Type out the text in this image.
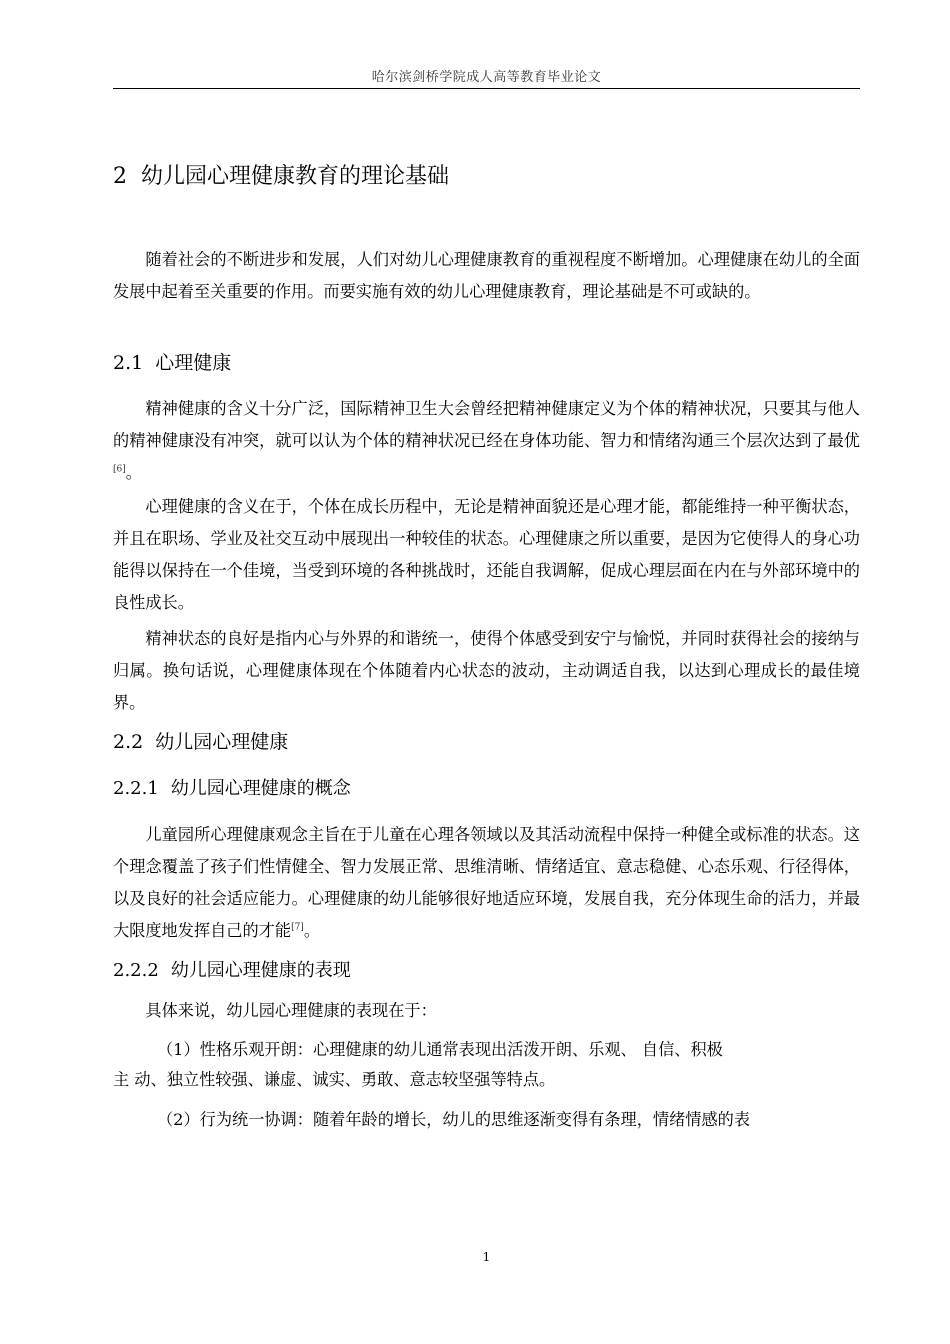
哈尔滨剑桥学院成人高等教育毕业论文
2 幼儿园心理健康教育的理论基础

随着社会的不断进步和发展，人们对幼儿心理健康教育的重视程度不断增加。心理健康在幼儿的全面发展中起着至关重要的作用。而要实施有效的幼儿心理健康教育，理论基础是不可或缺的。

2.1 心理健康

精神健康的含义十分广泛，国际精神卫生大会曾经把精神健康定义为个体的精神状况，只要其与他人的精神健康没有冲突，就可以认为个体的精神状况已经在身体功能、智力和情绪沟通三个层次达到了最优[6]。

心理健康的含义在于，个体在成长历程中，无论是精神面貌还是心理才能，都能维持一种平衡状态，并且在职场、学业及社交互动中展现出一种较佳的状态。心理健康之所以重要，是因为它使得人的身心功能得以保持在一个佳境，当受到环境的各种挑战时，还能自我调解，促成心理层面在内在与外部环境中的良性成长。

精神状态的良好是指内心与外界的和谐统一，使得个体感受到安宁与愉悦，并同时获得社会的接纳与归属。换句话说，心理健康体现在个体随着内心状态的波动，主动调适自我，以达到心理成长的最佳境界。

2.2 幼儿园心理健康
2.2.1 幼儿园心理健康的概念

儿童园所心理健康观念主旨在于儿童在心理各领域以及其活动流程中保持一种健全或标准的状态。这个理念覆盖了孩子们性情健全、智力发展正常、思维清晰、情绪适宜、意志稳健、心态乐观、行径得体，以及良好的社会适应能力。心理健康的幼儿能够很好地适应环境，发展自我，充分体现生命的活力，并最大限度地发挥自己的才能[7]。

2.2.2 幼儿园心理健康的表现

具体来说，幼儿园心理健康的表现在于：

（1）性格乐观开朗：心理健康的幼儿通常表现出活泼开朗、乐观、 自信、积极
主 动、独立性较强、谦虚、诚实、勇敢、意志较坚强等特点。
（2）行为统一协调：随着年龄的增长，幼儿的思维逐渐变得有条理，情绪情感的表
1
